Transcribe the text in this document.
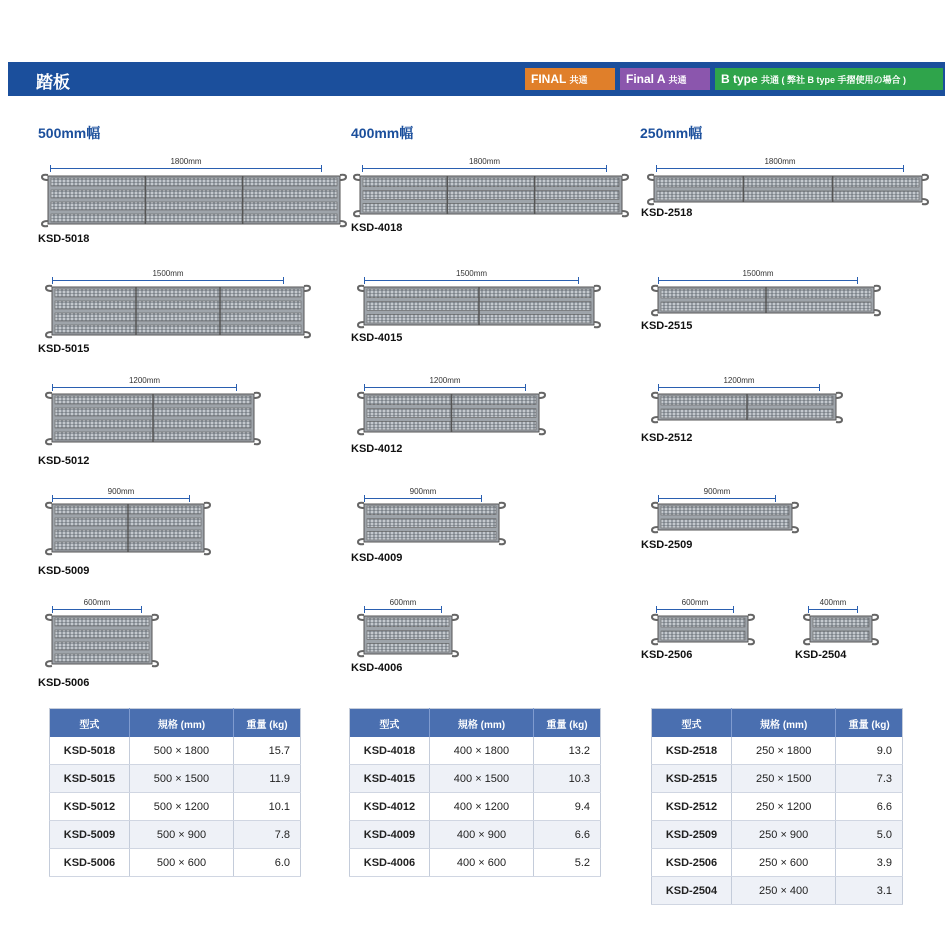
踏板	FINAL 共通	Final A 共通	B type 共通 ( 弊社 B type 手摺使用の場合 )
500mm幅	400mm幅	250mm幅
1800mm
KSD-5018
1500mm
KSD-5015
1200mm
KSD-5012
900mm
KSD-5009
600mm
KSD-5006
1800mm
KSD-4018
1500mm
KSD-4015
1200mm
KSD-4012
900mm
KSD-4009
600mm
KSD-4006
1800mm
KSD-2518
1500mm
KSD-2515
1200mm
KSD-2512
900mm
KSD-2509
600mm
KSD-2506
400mm
KSD-2504
型式	規格 (mm)	重量 (kg)
KSD-5018	500 × 1800	15.7
KSD-5015	500 × 1500	11.9
KSD-5012	500 × 1200	10.1
KSD-5009	500 × 900	7.8
KSD-5006	500 × 600	6.0
型式	規格 (mm)	重量 (kg)
KSD-4018	400 × 1800	13.2
KSD-4015	400 × 1500	10.3
KSD-4012	400 × 1200	9.4
KSD-4009	400 × 900	6.6
KSD-4006	400 × 600	5.2
型式	規格 (mm)	重量 (kg)
KSD-2518	250 × 1800	9.0
KSD-2515	250 × 1500	7.3
KSD-2512	250 × 1200	6.6
KSD-2509	250 × 900	5.0
KSD-2506	250 × 600	3.9
KSD-2504	250 × 400	3.1
